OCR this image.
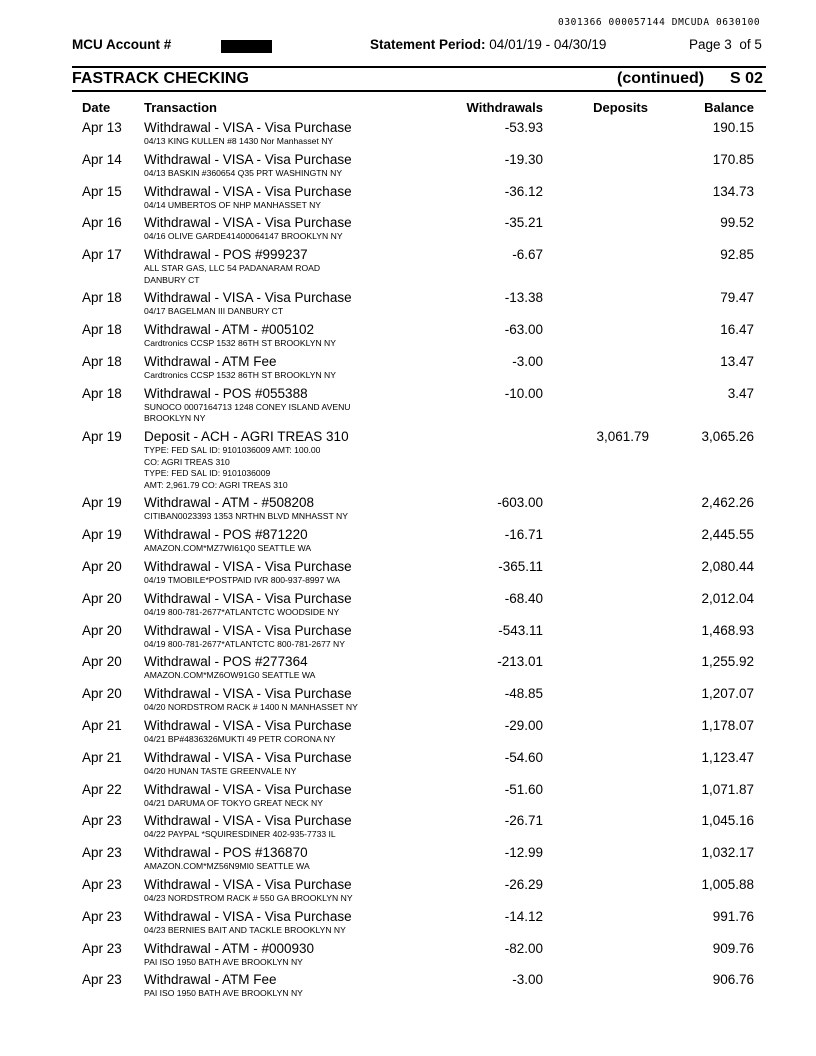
0301366 000057144 DMCUDA 0630100
MCU Account #	Statement Period: 04/01/19 - 04/30/19	Page 3 of 5
FASTRACK CHECKING	(continued) S 02
Date	Transaction	Withdrawals	Deposits	Balance
Apr 13 Withdrawal - VISA - Visa Purchase
04/13 KING KULLEN #8 1430 Nor Manhasset NY
-53.93	190.15
Apr 14 Withdrawal - VISA - Visa Purchase
04/13 BASKIN #360654 Q35 PRT WASHINGTN NY
-19.30	170.85
Apr 15 Withdrawal - VISA - Visa Purchase
04/14 UMBERTOS OF NHP MANHASSET NY
-36.12	134.73
Apr 16 Withdrawal - VISA - Visa Purchase
04/16 OLIVE GARDE41400064147 BROOKLYN NY
-35.21	99.52
Apr 17 Withdrawal - POS #999237
ALL STAR GAS, LLC 54 PADANARAM ROAD
DANBURY CT
-6.67	92.85
Apr 18 Withdrawal - VISA - Visa Purchase
04/17 BAGELMAN III DANBURY CT
-13.38	79.47
Apr 18 Withdrawal - ATM - #005102
Cardtronics CCSP 1532 86TH ST BROOKLYN NY
-63.00	16.47
Apr 18 Withdrawal - ATM Fee
Cardtronics CCSP 1532 86TH ST BROOKLYN NY
-3.00	13.47
Apr 18 Withdrawal - POS #055388
SUNOCO 0007164713 1248 CONEY ISLAND AVENU
BROOKLYN NY
-10.00	3.47
Apr 19 Deposit - ACH - AGRI TREAS 310
TYPE: FED SAL ID: 9101036009 AMT: 100.00
CO: AGRI TREAS 310
TYPE: FED SAL ID: 9101036009
AMT: 2,961.79 CO: AGRI TREAS 310
3,061.79	3,065.26
Apr 19 Withdrawal - ATM - #508208
CITIBAN0023393 1353 NRTHN BLVD MNHASST NY
-603.00	2,462.26
Apr 19 Withdrawal - POS #871220
AMAZON.COM*MZ7WI61Q0 SEATTLE WA
-16.71	2,445.55
Apr 20 Withdrawal - VISA - Visa Purchase
04/19 TMOBILE*POSTPAID IVR 800-937-8997 WA
-365.11	2,080.44
Apr 20 Withdrawal - VISA - Visa Purchase
04/19 800-781-2677*ATLANTCTC WOODSIDE NY
-68.40	2,012.04
Apr 20 Withdrawal - VISA - Visa Purchase
04/19 800-781-2677*ATLANTCTC 800-781-2677 NY
-543.11	1,468.93
Apr 20 Withdrawal - POS #277364
AMAZON.COM*MZ6OW91G0 SEATTLE WA
-213.01	1,255.92
Apr 20 Withdrawal - VISA - Visa Purchase
04/20 NORDSTROM RACK # 1400 N MANHASSET NY
-48.85	1,207.07
Apr 21 Withdrawal - VISA - Visa Purchase
04/21 BP#4836326MUKTI 49 PETR CORONA NY
-29.00	1,178.07
Apr 21 Withdrawal - VISA - Visa Purchase
04/20 HUNAN TASTE GREENVALE NY
-54.60	1,123.47
Apr 22 Withdrawal - VISA - Visa Purchase
04/21 DARUMA OF TOKYO GREAT NECK NY
-51.60	1,071.87
Apr 23 Withdrawal - VISA - Visa Purchase
04/22 PAYPAL *SQUIRESDINER 402-935-7733 IL
-26.71	1,045.16
Apr 23 Withdrawal - POS #136870
AMAZON.COM*MZ56N9MI0 SEATTLE WA
-12.99	1,032.17
Apr 23 Withdrawal - VISA - Visa Purchase
04/23 NORDSTROM RACK # 550 GA BROOKLYN NY
-26.29	1,005.88
Apr 23 Withdrawal - VISA - Visa Purchase
04/23 BERNIES BAIT AND TACKLE BROOKLYN NY
-14.12	991.76
Apr 23 Withdrawal - ATM - #000930
PAI ISO 1950 BATH AVE BROOKLYN NY
-82.00	909.76
Apr 23 Withdrawal - ATM Fee
PAI ISO 1950 BATH AVE BROOKLYN NY
-3.00	906.76
